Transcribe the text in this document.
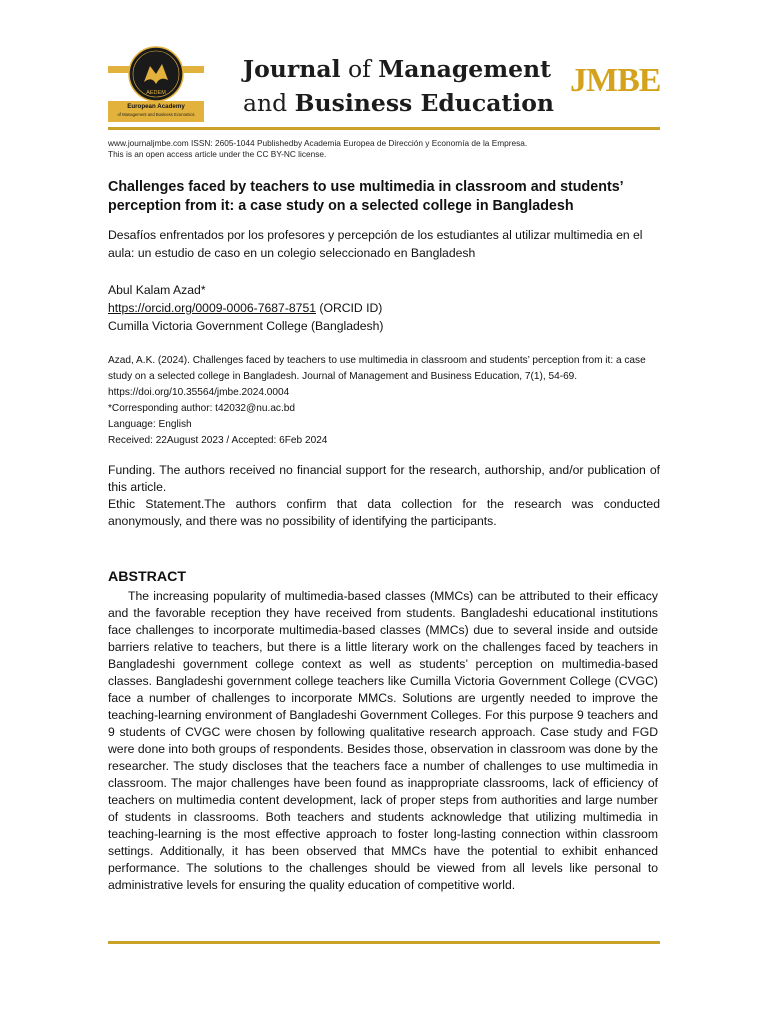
AEDEM
European Academy
of Management and Business Economics
Journal of Management
and Business Education
JMBE
www.journaljmbe.com ISSN: 2605-1044 Publishedby Academia Europea de Dirección y Economía de la Empresa.
This is an open access article under the CC BY-NC license.
Challenges faced by teachers to use multimedia in classroom and students’ perception from it: a case study on a selected college in Bangladesh
Desafíos enfrentados por los profesores y percepción de los estudiantes al utilizar multimedia en el aula: un estudio de caso en un colegio seleccionado en Bangladesh
Abul Kalam Azad*
https://orcid.org/0009-0006-7687-8751 (ORCID ID)
Cumilla Victoria Government College (Bangladesh)
Azad, A.K. (2024). Challenges faced by teachers to use multimedia in classroom and students’ perception from it: a case study on a selected college in Bangladesh. Journal of Management and Business Education, 7(1), 54-69.
https://doi.org/10.35564/jmbe.2024.0004
*Corresponding author: t42032@nu.ac.bd
Language: English
Received: 22August 2023 / Accepted: 6Feb 2024
Funding. The authors received no financial support for the research, authorship, and/or publication of this article.
Ethic Statement.The authors confirm that data collection for the research was conducted anonymously, and there was no possibility of identifying the participants.
ABSTRACT
The increasing popularity of multimedia-based classes (MMCs) can be attributed to their efficacy and the favorable reception they have received from students. Bangladeshi educational institutions face challenges to incorporate multimedia-based classes (MMCs) due to several inside and outside barriers relative to teachers, but there is a little literary work on the challenges faced by teachers in Bangladeshi government college context as well as students’ perception on multimedia-based classes. Bangladeshi government college teachers like Cumilla Victoria Government College (CVGC) face a number of challenges to incorporate MMCs. Solutions are urgently needed to improve the teaching-learning environment of Bangladeshi Government Colleges. For this purpose 9 teachers and 9 students of CVGC were chosen by following qualitative research approach. Case study and FGD were done into both groups of respondents. Besides those, observation in classroom was done by the researcher. The study discloses that the teachers face a number of challenges to use multimedia in classroom. The major challenges have been found as inappropriate classrooms, lack of efficiency of teachers on multimedia content development, lack of proper steps from authorities and large number of students in classrooms. Both teachers and students acknowledge that utilizing multimedia in teaching-learning is the most effective approach to foster long-lasting connection within classroom settings. Additionally, it has been observed that MMCs have the potential to exhibit enhanced performance. The solutions to the challenges should be viewed from all levels like personal to administrative levels for ensuring the quality education of competitive world.
